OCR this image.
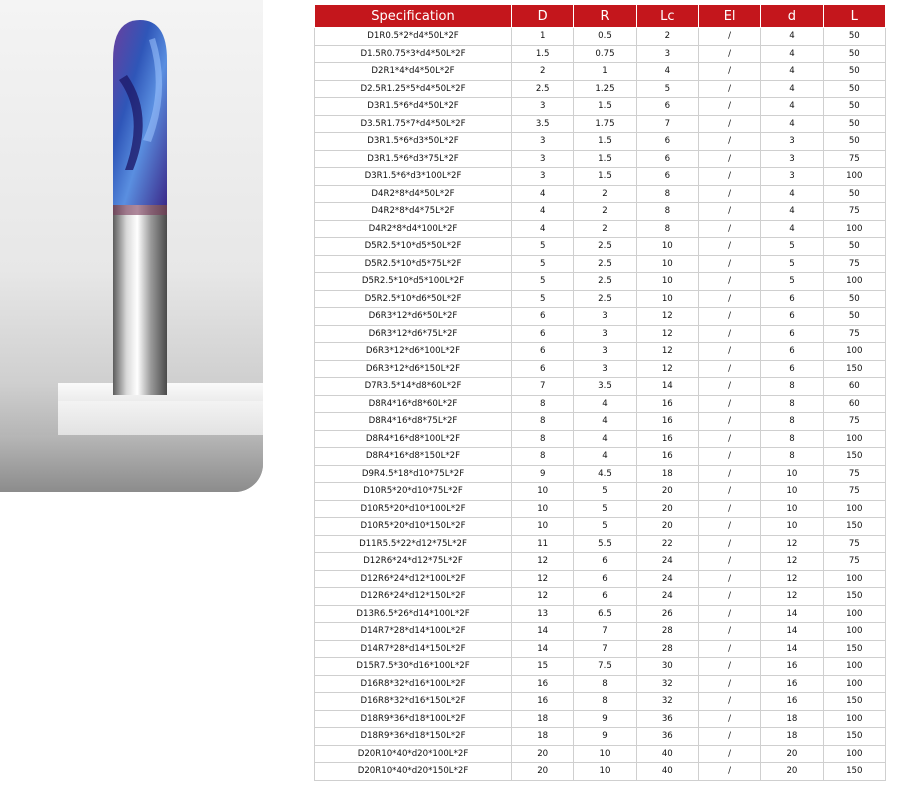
Specification	D	R	Lc	El	d	L
D1R0.5*2*d4*50L*2F	1	0.5	2	/	4	50
D1.5R0.75*3*d4*50L*2F	1.5	0.75	3	/	4	50
D2R1*4*d4*50L*2F	2	1	4	/	4	50
D2.5R1.25*5*d4*50L*2F	2.5	1.25	5	/	4	50
D3R1.5*6*d4*50L*2F	3	1.5	6	/	4	50
D3.5R1.75*7*d4*50L*2F	3.5	1.75	7	/	4	50
D3R1.5*6*d3*50L*2F	3	1.5	6	/	3	50
D3R1.5*6*d3*75L*2F	3	1.5	6	/	3	75
D3R1.5*6*d3*100L*2F	3	1.5	6	/	3	100
D4R2*8*d4*50L*2F	4	2	8	/	4	50
D4R2*8*d4*75L*2F	4	2	8	/	4	75
D4R2*8*d4*100L*2F	4	2	8	/	4	100
D5R2.5*10*d5*50L*2F	5	2.5	10	/	5	50
D5R2.5*10*d5*75L*2F	5	2.5	10	/	5	75
D5R2.5*10*d5*100L*2F	5	2.5	10	/	5	100
D5R2.5*10*d6*50L*2F	5	2.5	10	/	6	50
D6R3*12*d6*50L*2F	6	3	12	/	6	50
D6R3*12*d6*75L*2F	6	3	12	/	6	75
D6R3*12*d6*100L*2F	6	3	12	/	6	100
D6R3*12*d6*150L*2F	6	3	12	/	6	150
D7R3.5*14*d8*60L*2F	7	3.5	14	/	8	60
D8R4*16*d8*60L*2F	8	4	16	/	8	60
D8R4*16*d8*75L*2F	8	4	16	/	8	75
D8R4*16*d8*100L*2F	8	4	16	/	8	100
D8R4*16*d8*150L*2F	8	4	16	/	8	150
D9R4.5*18*d10*75L*2F	9	4.5	18	/	10	75
D10R5*20*d10*75L*2F	10	5	20	/	10	75
D10R5*20*d10*100L*2F	10	5	20	/	10	100
D10R5*20*d10*150L*2F	10	5	20	/	10	150
D11R5.5*22*d12*75L*2F	11	5.5	22	/	12	75
D12R6*24*d12*75L*2F	12	6	24	/	12	75
D12R6*24*d12*100L*2F	12	6	24	/	12	100
D12R6*24*d12*150L*2F	12	6	24	/	12	150
D13R6.5*26*d14*100L*2F	13	6.5	26	/	14	100
D14R7*28*d14*100L*2F	14	7	28	/	14	100
D14R7*28*d14*150L*2F	14	7	28	/	14	150
D15R7.5*30*d16*100L*2F	15	7.5	30	/	16	100
D16R8*32*d16*100L*2F	16	8	32	/	16	100
D16R8*32*d16*150L*2F	16	8	32	/	16	150
D18R9*36*d18*100L*2F	18	9	36	/	18	100
D18R9*36*d18*150L*2F	18	9	36	/	18	150
D20R10*40*d20*100L*2F	20	10	40	/	20	100
D20R10*40*d20*150L*2F	20	10	40	/	20	150
